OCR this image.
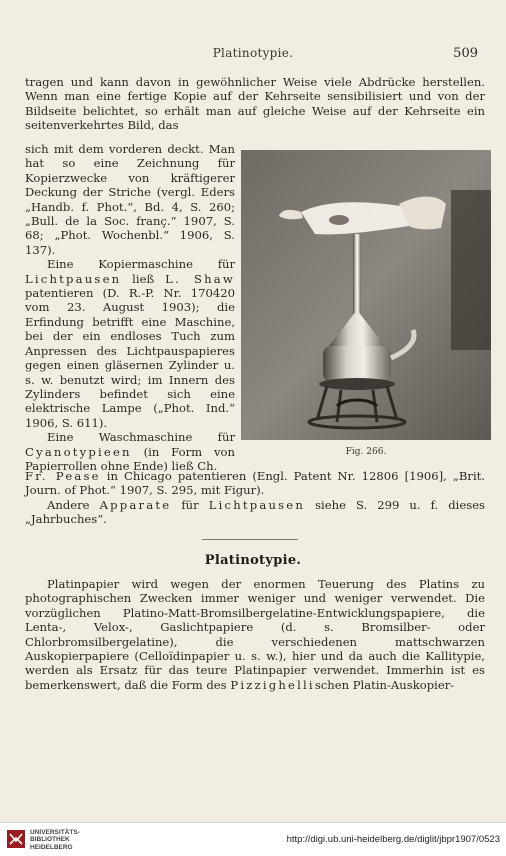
Platinotypie.	509

tragen und kann davon in gewöhnlicher Weise viele Abdrücke herstellen. Wenn man eine fertige Kopie auf der Kehrseite sensibilisiert und von der Bildseite belichtet, so erhält man auf gleiche Weise auf der Kehrseite ein seitenverkehrtes Bild, das

sich mit dem vorderen deckt. Man hat so eine Zeichnung für Kopierzwecke von kräftigerer Deckung der Striche (vergl. Eders „Handb. f. Phot.“, Bd. 4, S. 260; „Bull. de la Soc. franç.“ 1907, S. 68; „Phot. Wochenbl.“ 1906, S. 137).

Eine Kopiermaschine für Lichtpausen ließ L. Shaw patentieren (D. R.-P. Nr. 170420 vom 23. August 1903); die Erfindung betrifft eine Maschine, bei der ein endloses Tuch zum Anpressen des Lichtpauspapieres gegen einen gläsernen Zylinder u. s. w. benutzt wird; im Innern des Zylinders befindet sich eine elektrische Lampe („Phot. Ind.“ 1906, S. 611).

Eine Waschmaschine für Cyanotypieen (in Form von Papierrollen ohne Ende) ließ Ch.

Fr. Pease in Chicago patentieren (Engl. Patent Nr. 12806 [1906], „Brit. Journ. of Phot.“ 1907, S. 295, mit Figur).

Andere Apparate für Lichtpausen siehe S. 299 u. f. dieses „Jahrbuches“.

Fig. 266.
Platinotypie.

Platinpapier wird wegen der enormen Teuerung des Platins zu photographischen Zwecken immer weniger und weniger verwendet. Die vorzüglichen Platino-Matt-Bromsilbergelatine-Entwicklungspapiere, die Lenta-, Velox-, Gaslichtpapiere (d. s. Bromsilber- oder Chlorbromsilbergelatine), die verschiedenen mattschwarzen Auskopierpapiere (Celloïdinpapier u. s. w.), hier und da auch die Kallitypie, werden als Ersatz für das teure Platinpapier verwendet. Immerhin ist es bemerkenswert, daß die Form des Pizzighellischen Platin-Auskopier-

UNIVERSITÄTS-
BIBLIOTHEK
HEIDELBERG
http://digi.ub.uni-heidelberg.de/diglit/jbpr1907/0523
